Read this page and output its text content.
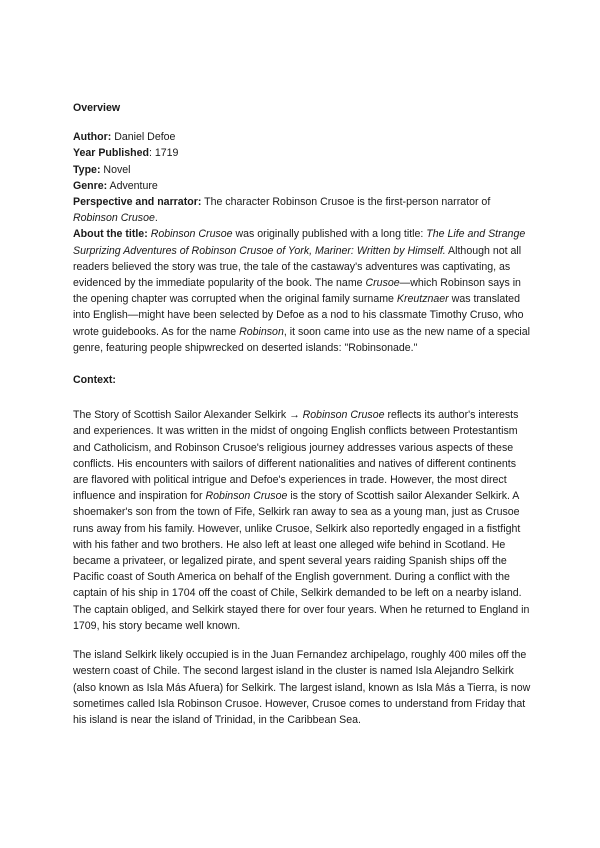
Overview

Author: Daniel Defoe

Year Published: 1719

Type: Novel

Genre: Adventure

Perspective and narrator: The character Robinson Crusoe is the first-person narrator of Robinson Crusoe.

About the title: Robinson Crusoe was originally published with a long title: The Life and Strange Surprizing Adventures of Robinson Crusoe of York, Mariner: Written by Himself. Although not all readers believed the story was true, the tale of the castaway's adventures was captivating, as evidenced by the immediate popularity of the book. The name Crusoe—which Robinson says in the opening chapter was corrupted when the original family surname Kreutznaer was translated into English—might have been selected by Defoe as a nod to his classmate Timothy Cruso, who wrote guidebooks. As for the name Robinson, it soon came into use as the new name of a special genre, featuring people shipwrecked on deserted islands: "Robinsonade."

Context:

The Story of Scottish Sailor Alexander Selkirk → Robinson Crusoe reflects its author's interests and experiences. It was written in the midst of ongoing English conflicts between Protestantism and Catholicism, and Robinson Crusoe's religious journey addresses various aspects of these conflicts. His encounters with sailors of different nationalities and natives of different continents are flavored with political intrigue and Defoe's experiences in trade. However, the most direct influence and inspiration for Robinson Crusoe is the story of Scottish sailor Alexander Selkirk. A shoemaker's son from the town of Fife, Selkirk ran away to sea as a young man, just as Crusoe runs away from his family. However, unlike Crusoe, Selkirk also reportedly engaged in a fistfight with his father and two brothers. He also left at least one alleged wife behind in Scotland. He became a privateer, or legalized pirate, and spent several years raiding Spanish ships off the Pacific coast of South America on behalf of the English government. During a conflict with the captain of his ship in 1704 off the coast of Chile, Selkirk demanded to be left on a nearby island. The captain obliged, and Selkirk stayed there for over four years. When he returned to England in 1709, his story became well known.

The island Selkirk likely occupied is in the Juan Fernandez archipelago, roughly 400 miles off the western coast of Chile. The second largest island in the cluster is named Isla Alejandro Selkirk (also known as Isla Más Afuera) for Selkirk. The largest island, known as Isla Más a Tierra, is now sometimes called Isla Robinson Crusoe. However, Crusoe comes to understand from Friday that his island is near the island of Trinidad, in the Caribbean Sea.
